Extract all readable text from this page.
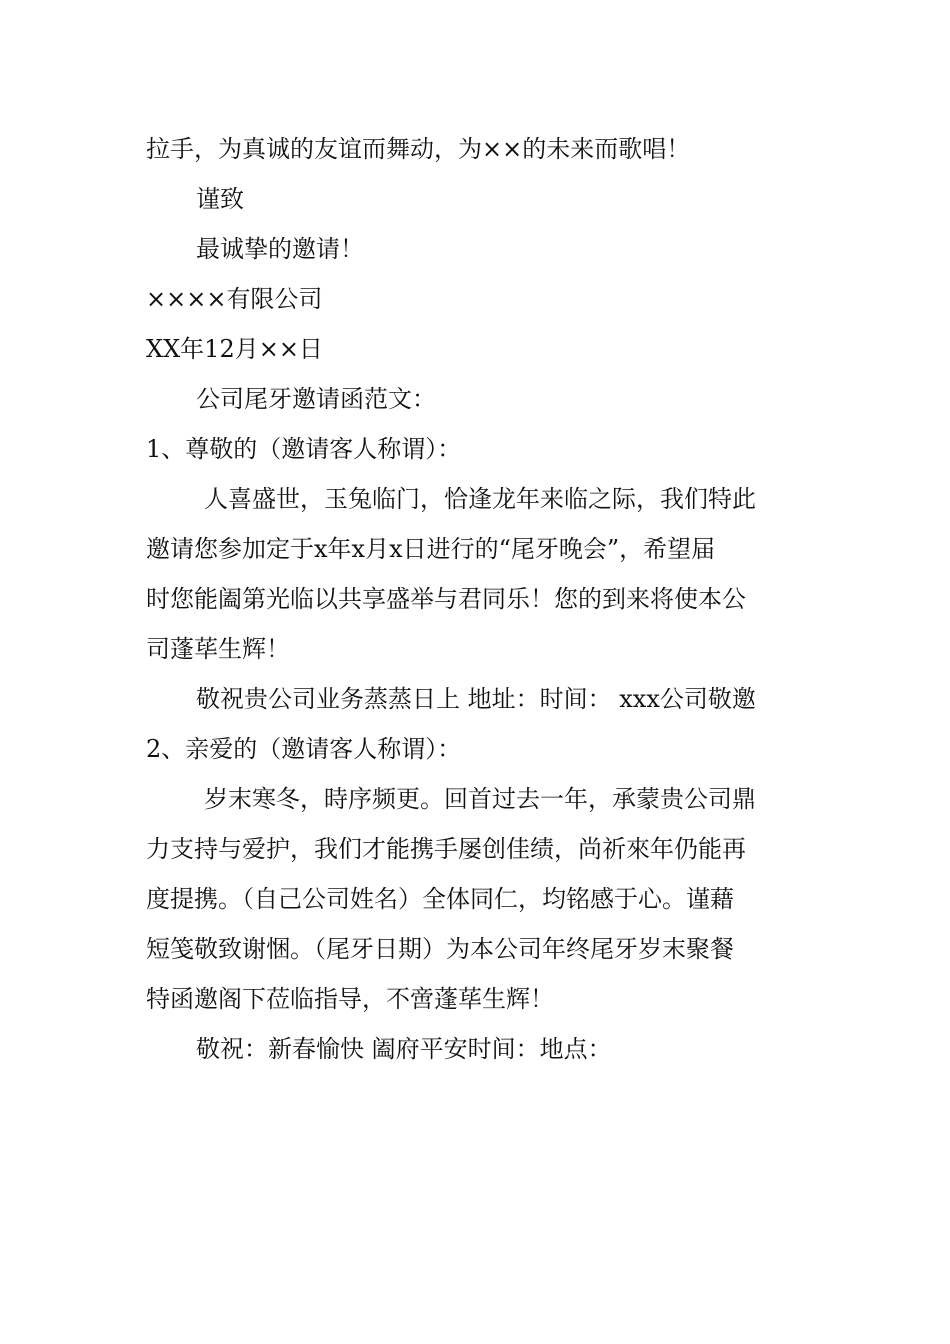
拉手，为真诚的友谊而舞动，为××的未来而歌唱！
谨致
最诚挚的邀请！
××××有限公司
XX年12月××日
公司尾牙邀请函范文：
1、尊敬的（邀请客人称谓）：
人喜盛世，玉兔临门，恰逢龙年来临之际，我们特此
邀请您参加定于x年x月x日进行的“尾牙晚会”，希望届
时您能阖第光临以共享盛举与君同乐！您的到来将使本公
司蓬荜生辉！
敬祝贵公司业务蒸蒸日上 地址：时间： xxx公司敬邀
2、亲爱的（邀请客人称谓）：
岁末寒冬，時序频更。回首过去一年，承蒙贵公司鼎
力支持与爱护，我们才能携手屡创佳绩，尚祈來年仍能再
度提携。（自己公司姓名）全体同仁，均铭感于心。谨藉
短笺敬致谢悃。（尾牙日期）为本公司年终尾牙岁末聚餐
特函邀阁下莅临指导，不啻蓬荜生辉！
敬祝：新春愉快 阖府平安时间：地点：
